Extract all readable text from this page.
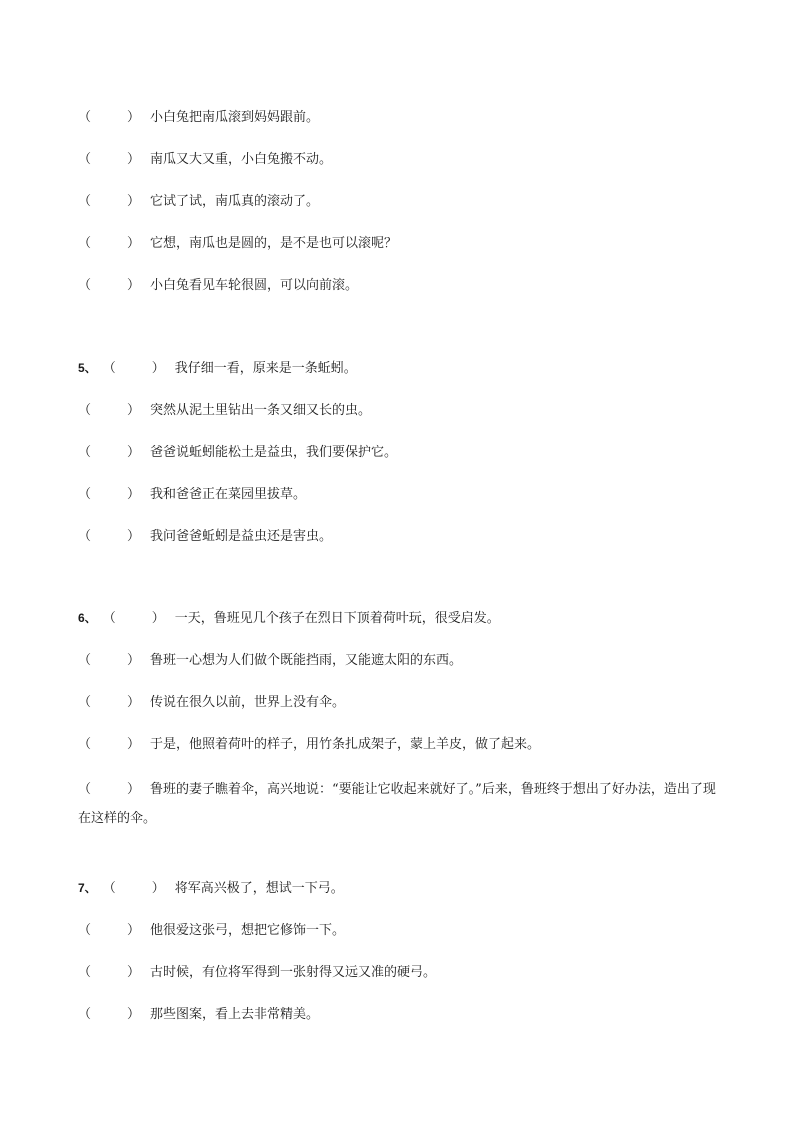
（	） 小白兔把南瓜滚到妈妈跟前。
（	） 南瓜又大又重，小白兔搬不动。
（	） 它试了试，南瓜真的滚动了。
（	） 它想，南瓜也是圆的，是不是也可以滚呢？
（	） 小白兔看见车轮很圆，可以向前滚。
5、 （	） 我仔细一看，原来是一条蚯蚓。
（	） 突然从泥土里钻出一条又细又长的虫。
（	） 爸爸说蚯蚓能松土是益虫，我们要保护它。
（	） 我和爸爸正在菜园里拔草。
（	） 我问爸爸蚯蚓是益虫还是害虫。
6、 （	） 一天，鲁班见几个孩子在烈日下顶着荷叶玩，很受启发。
（	） 鲁班一心想为人们做个既能挡雨，又能遮太阳的东西。
（	） 传说在很久以前，世界上没有伞。
（	） 于是，他照着荷叶的样子，用竹条扎成架子，蒙上羊皮，做了起来。
（	） 鲁班的妻子瞧着伞，高兴地说：“要能让它收起来就好了。”后来，鲁班终于想出了好办法，造出了现在这样的伞。
7、 （	） 将军高兴极了，想试一下弓。
（	） 他很爱这张弓，想把它修饰一下。
（	） 古时候，有位将军得到一张射得又远又准的硬弓。
（	） 那些图案，看上去非常精美。
